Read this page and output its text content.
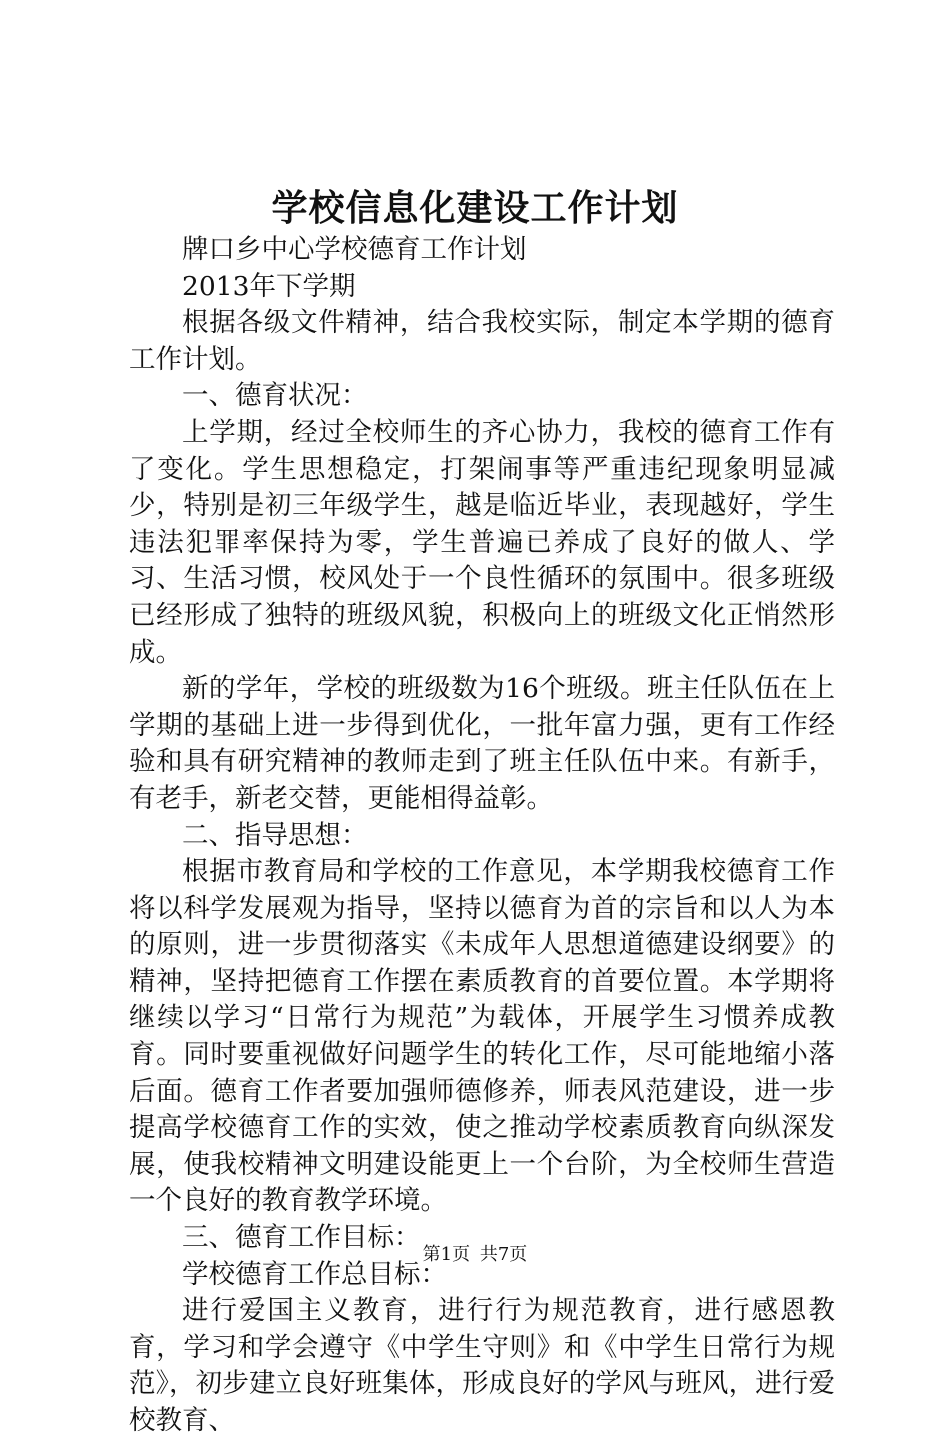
学校信息化建设工作计划

牌口乡中心学校德育工作计划

2013年下学期

根据各级文件精神，结合我校实际，制定本学期的德育工作计划。

一、德育状况：

上学期，经过全校师生的齐心协力，我校的德育工作有了变化。学生思想稳定，打架闹事等严重违纪现象明显减少，特别是初三年级学生，越是临近毕业，表现越好，学生违法犯罪率保持为零，学生普遍已养成了良好的做人、学习、生活习惯，校风处于一个良性循环的氛围中。很多班级已经形成了独特的班级风貌，积极向上的班级文化正悄然形成。

新的学年，学校的班级数为16个班级。班主任队伍在上学期的基础上进一步得到优化，一批年富力强，更有工作经验和具有研究精神的教师走到了班主任队伍中来。有新手，有老手，新老交替，更能相得益彰。

二、指导思想：

根据市教育局和学校的工作意见，本学期我校德育工作将以科学发展观为指导，坚持以德育为首的宗旨和以人为本的原则，进一步贯彻落实《未成年人思想道德建设纲要》的精神，坚持把德育工作摆在素质教育的首要位置。本学期将继续以学习“日常行为规范”为载体，开展学生习惯养成教育。同时要重视做好问题学生的转化工作，尽可能地缩小落后面。德育工作者要加强师德修养，师表风范建设，进一步提高学校德育工作的实效，使之推动学校素质教育向纵深发展，使我校精神文明建设能更上一个台阶，为全校师生营造一个良好的教育教学环境。

三、德育工作目标：

学校德育工作总目标：

进行爱国主义教育，进行行为规范教育，进行感恩教育，学习和学会遵守《中学生守则》和《中学生日常行为规范》，初步建立良好班集体，形成良好的学风与班风，进行爱校教育、

第1页 共7页
